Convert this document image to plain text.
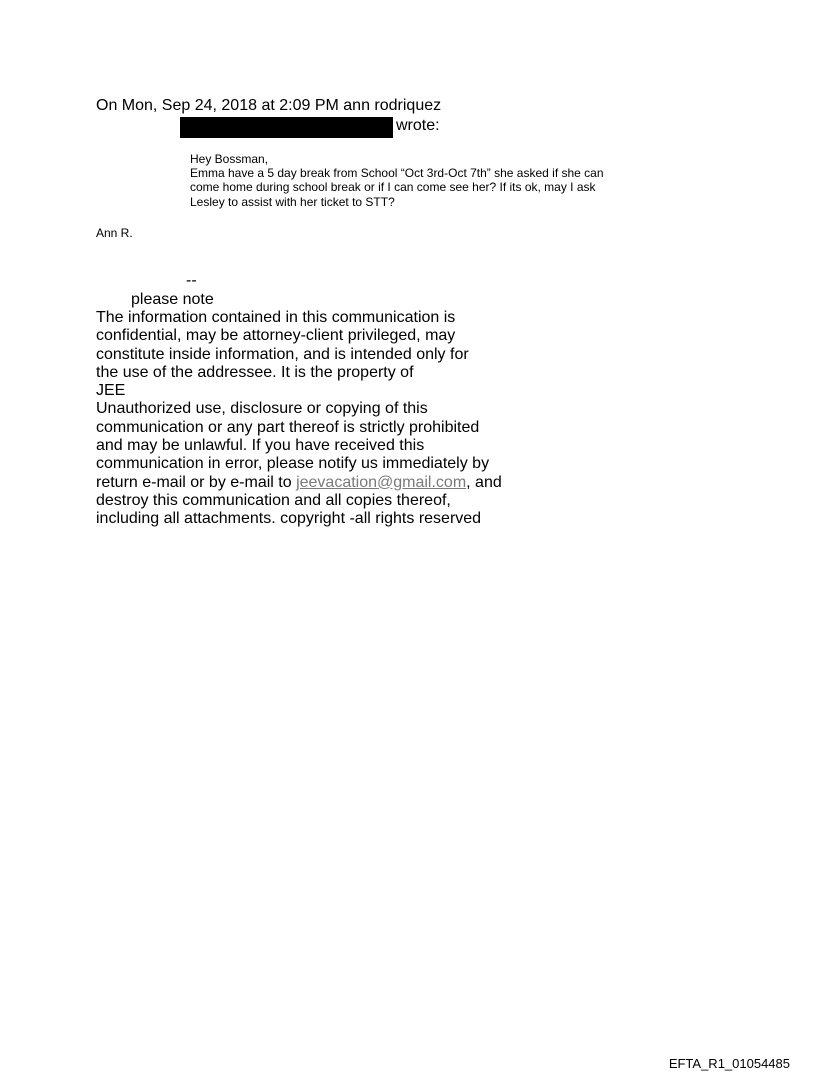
On Mon, Sep 24, 2018 at 2:09 PM ann rodriquez
wrote:
Hey Bossman,
Emma have a 5 day break from School “Oct 3rd-Oct 7th” she asked if she can
come home during school break or if I can come see her? If its ok, may I ask
Lesley to assist with her ticket to STT?
Ann R.
--
please note
The information contained in this communication is
confidential, may be attorney-client privileged, may
constitute inside information, and is intended only for
the use of the addressee. It is the property of
JEE
Unauthorized use, disclosure or copying of this
communication or any part thereof is strictly prohibited
and may be unlawful. If you have received this
communication in error, please notify us immediately by
return e-mail or by e-mail to jeevacation@gmail.com, and
destroy this communication and all copies thereof,
including all attachments. copyright -all rights reserved
EFTA_R1_01054485
